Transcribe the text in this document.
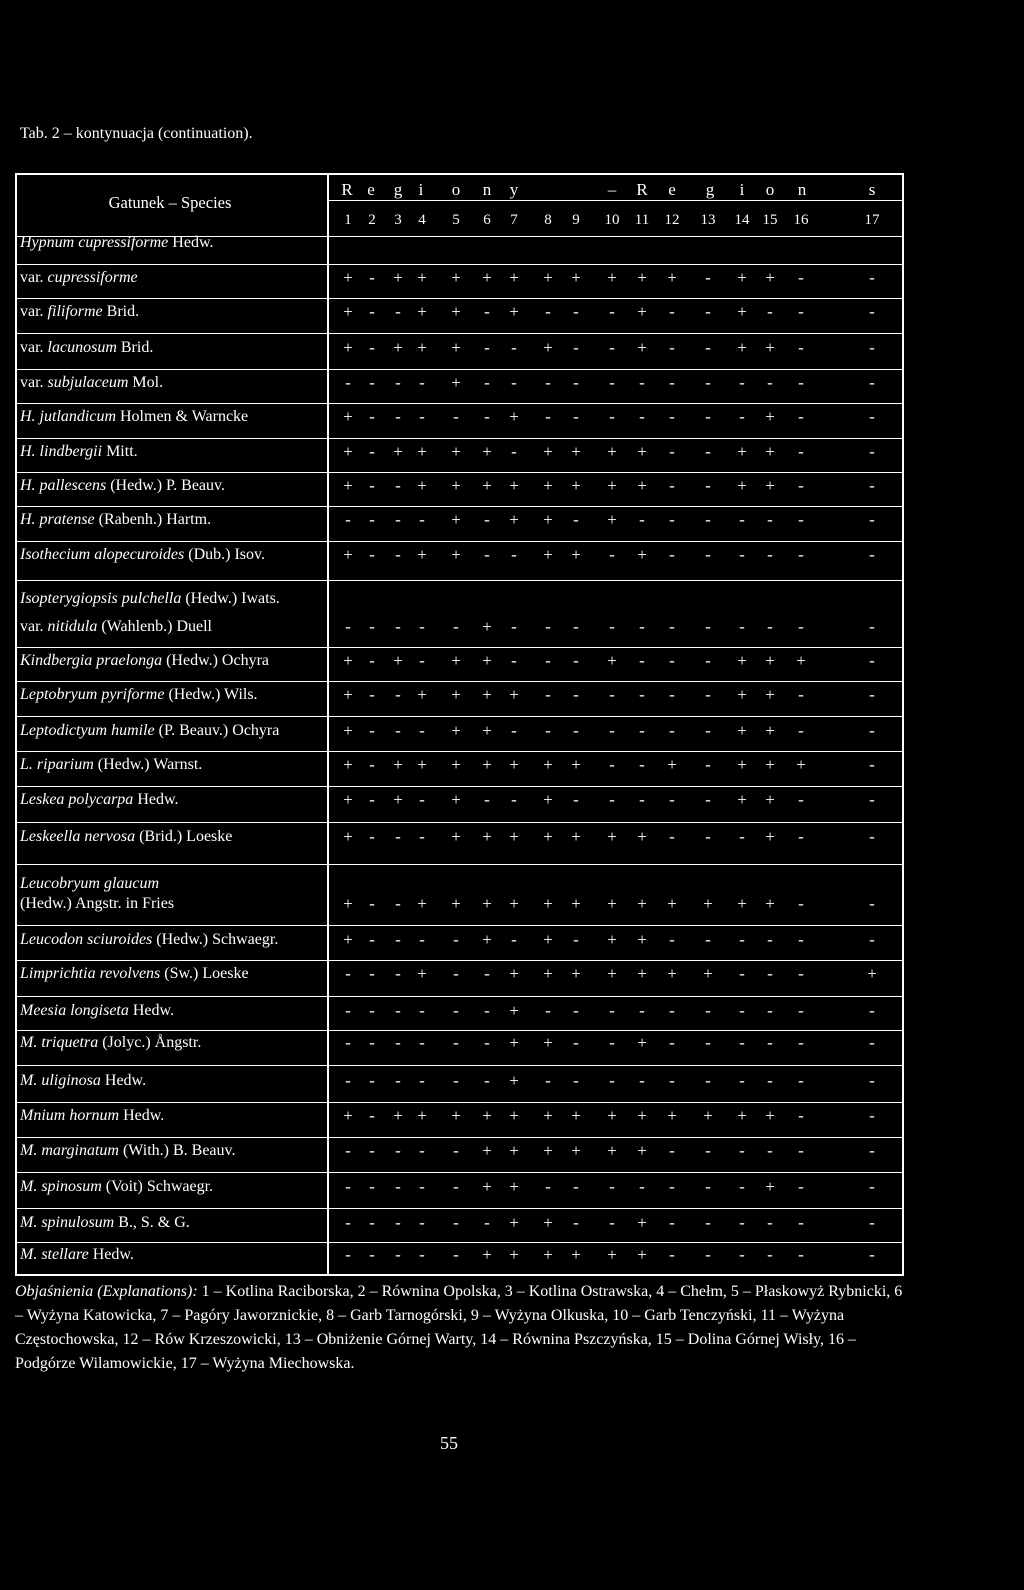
Tab. 2 – kontynuacja (continuation).
Gatunek – Species
R e g i o n y	– R e g i o n	s
1 2 3 4 5 6 7 8 9 10 11 12 13 14 15 16	17
Hypnum cupressiforme Hedw.
var. cupressiforme	+ - + + + + + + + + + + - + + -	-
var. filiforme Brid.	+ - - + + - + - - - + - - + - -	-
var. lacunosum Brid.	+ - + + + - - + - - + - - + + -	-
var. subjulaceum Mol.	- - - - + - - - - - - - - - - -	-
H. jutlandicum Holmen & Warncke	+ - - - - - + - - - - - - - + -	-
H. lindbergii Mitt.	+ - + + + + - + + + + - - + + -	-
H. pallescens (Hedw.) P. Beauv.	+ - - + + + + + + + + - - + + -	-
H. pratense (Rabenh.) Hartm.	- - - - + - + + - + - - - - - -	-
Isothecium alopecuroides (Dub.) Isov.	+ - - + + - - + + - + - - - - -	-
Isopterygiopsis pulchella (Hedw.) Iwats.
var. nitidula (Wahlenb.) Duell	- - - - - + - - - - - - - - - -	-
Kindbergia praelonga (Hedw.) Ochyra	+ - + - + + - - - + - - - + + +	-
Leptobryum pyriforme (Hedw.) Wils.	+ - - + + + + - - - - - - + + -	-
Leptodictyum humile (P. Beauv.) Ochyra	+ - - - + + - - - - - - - + + -	-
L. riparium (Hedw.) Warnst.	+ - + + + + + + + - - + - + + +	-
Leskea polycarpa Hedw.	+ - + - + - - + - - - - - + + -	-
Leskeella nervosa (Brid.) Loeske	+ - - - + + + + + + + - - - + -	-
Leucobryum glaucum
(Hedw.) Angstr. in Fries	+ - - + + + + + + + + + + + + -	-
Leucodon sciuroides (Hedw.) Schwaegr.	+ - - - - + - + - + + - - - - -	-
Limprichtia revolvens (Sw.) Loeske	- - - + - - + + + + + + + - - -	+
Meesia longiseta Hedw.	- - - - - - + - - - - - - - - -	-
M. triquetra (Jolyc.) Ångstr.	- - - - - - + + - - + - - - - -	-
M. uliginosa Hedw.	- - - - - - + - - - - - - - - -	-
Mnium hornum Hedw.	+ - + + + + + + + + + + + + + -	-
M. marginatum (With.) B. Beauv.	- - - - - + + + + + + - - - - -	-
M. spinosum (Voit) Schwaegr.	- - - - - + + - - - - - - - + -	-
M. spinulosum B., S. & G.	- - - - - - + + - - + - - - - -	-
M. stellare Hedw.	- - - - - + + + + + + - - - - -	-
Objaśnienia (Explanations): 1 – Kotlina Raciborska, 2 – Równina Opolska, 3 – Kotlina Ostrawska, 4 – Chełm, 5 – Płaskowyż Rybnicki, 6 – Wyżyna Katowicka, 7 – Pagóry Jaworznickie, 8 – Garb Tarnogórski, 9 – Wyżyna Olkuska, 10 – Garb Tenczyński, 11 – Wyżyna Częstochowska, 12 – Rów Krzeszowicki, 13 – Obniżenie Górnej Warty, 14 – Równina Pszczyńska, 15 – Dolina Górnej Wisły, 16 – Podgórze Wilamowickie, 17 – Wyżyna Miechowska.
55
